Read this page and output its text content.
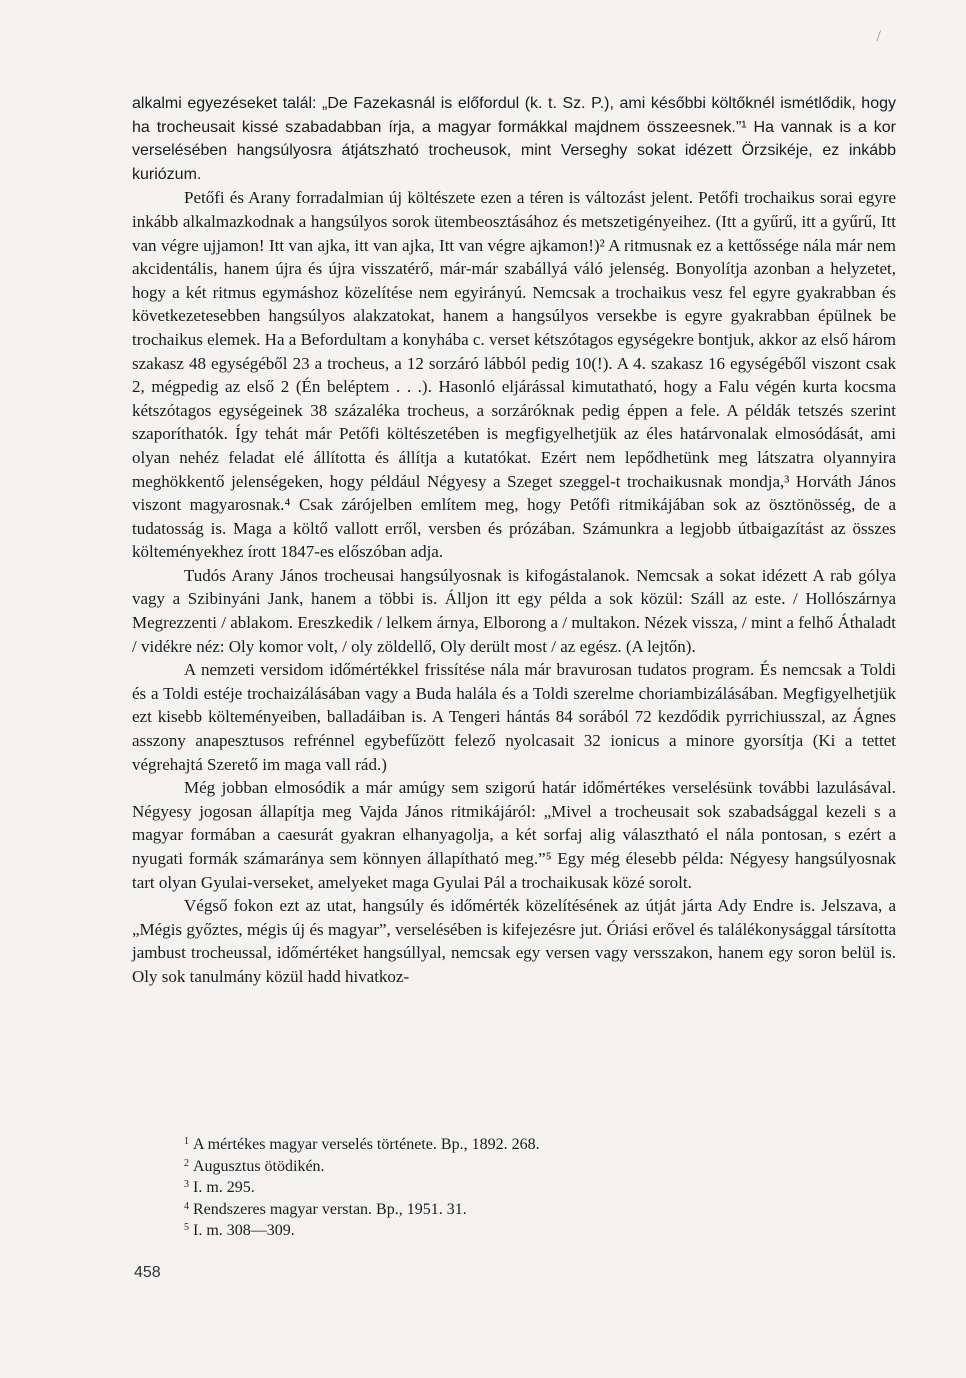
/

alkalmi egyezéseket talál: „De Fazekasnál is előfordul (k. t. Sz. P.), ami későbbi költőknél ismétlődik, hogy ha trocheusait kissé szabadabban írja, a magyar formákkal majdnem összeesnek.”¹ Ha vannak is a kor verselésében hangsúlyosra átjátszható trocheusok, mint Verseghy sokat idézett Örzsikéje, ez inkább kuriózum.

Petőfi és Arany forradalmian új költészete ezen a téren is változást jelent. Petőfi trochaikus sorai egyre inkább alkalmazkodnak a hangsúlyos sorok ütembeosztásához és metszetigényeihez. (Itt a gyűrű, itt a gyűrű, Itt van végre ujjamon! Itt van ajka, itt van ajka, Itt van végre ajkamon!)² A ritmusnak ez a kettőssége nála már nem akcidentális, hanem újra és újra visszatérő, már-már szabállyá váló jelenség. Bonyolítja azonban a helyzetet, hogy a két ritmus egymáshoz közelítése nem egyirányú. Nemcsak a trochaikus vesz fel egyre gyakrabban és következetesebben hangsúlyos alakzatokat, hanem a hangsúlyos versekbe is egyre gyakrabban épülnek be trochaikus elemek. Ha a Befordultam a konyhába c. verset kétszótagos egységekre bontjuk, akkor az első három szakasz 48 egységéből 23 a trocheus, a 12 sorzáró lábból pedig 10(!). A 4. szakasz 16 egységéből viszont csak 2, mégpedig az első 2 (Én beléptem . . .). Hasonló eljárással kimutatható, hogy a Falu végén kurta kocsma kétszótagos egységeinek 38 százaléka trocheus, a sorzáróknak pedig éppen a fele. A példák tetszés szerint szaporíthatók. Így tehát már Petőfi költészetében is megfigyelhetjük az éles határvonalak elmosódását, ami olyan nehéz feladat elé állította és állítja a kutatókat. Ezért nem lepődhetünk meg látszatra olyannyira meghökkentő jelenségeken, hogy például Négyesy a Szeget szeggel-t trochaikusnak mondja,³ Horváth János viszont magyarosnak.⁴ Csak zárójelben említem meg, hogy Petőfi ritmikájában sok az ösztönösség, de a tudatosság is. Maga a költő vallott erről, versben és prózában. Számunkra a legjobb útbaigazítást az összes költeményekhez írott 1847-es előszóban adja.

Tudós Arany János trocheusai hangsúlyosnak is kifogástalanok. Nemcsak a sokat idézett A rab gólya vagy a Szibinyáni Jank, hanem a többi is. Álljon itt egy példa a sok közül: Száll az este. / Hollószárnya Megrezzenti / ablakom. Ereszkedik / lelkem árnya, Elborong a / multakon. Nézek vissza, / mint a felhő Áthaladt / vidékre néz: Oly komor volt, / oly zöldellő, Oly derült most / az egész. (A lejtőn).

A nemzeti versidom időmértékkel frissítése nála már bravurosan tudatos program. És nemcsak a Toldi és a Toldi estéje trochaizálásában vagy a Buda halála és a Toldi szerelme choriambizálásában. Megfigyelhetjük ezt kisebb költeményeiben, balladáiban is. A Tengeri hántás 84 sorából 72 kezdődik pyrrichiusszal, az Ágnes asszony anapesztusos refrénnel egybefűzött felező nyolcasait 32 ionicus a minore gyorsítja (Ki a tettet végrehajtá Szerető im maga vall rád.)

Még jobban elmosódik a már amúgy sem szigorú határ időmértékes verselésünk további lazulásával. Négyesy jogosan állapítja meg Vajda János ritmikájáról: „Mivel a trocheusait sok szabadsággal kezeli s a magyar formában a caesurát gyakran elhanyagolja, a két sorfaj alig választható el nála pontosan, s ezért a nyugati formák számaránya sem könnyen állapítható meg.”⁵ Egy még élesebb példa: Négyesy hangsúlyosnak tart olyan Gyulai-verseket, amelyeket maga Gyulai Pál a trochaikusak közé sorolt.

Végső fokon ezt az utat, hangsúly és időmérték közelítésének az útját járta Ady Endre is. Jelszava, a „Mégis győztes, mégis új és magyar”, verselésében is kifejezésre jut. Óriási erővel és találékonysággal társította jambust trocheussal, időmértéket hangsúllyal, nemcsak egy versen vagy versszakon, hanem egy soron belül is. Oly sok tanulmány közül hadd hivatkoz-

$^1$ A mértékes magyar verselés története. Bp., 1892. 268.
$^2$ Augusztus ötödikén.
$^3$ I. m. 295.
$^4$ Rendszeres magyar verstan. Bp., 1951. 31.
$^5$ I. m. 308—309.
458
